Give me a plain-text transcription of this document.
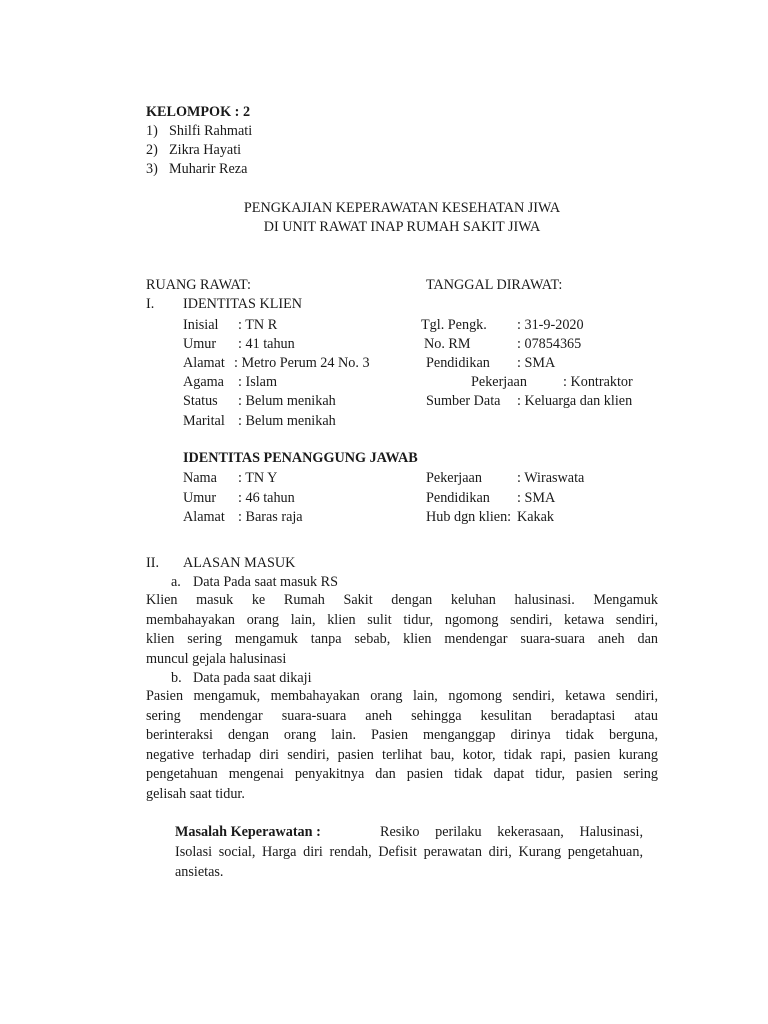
KELOMPOK : 2
1) Shilfi Rahmati
2) Zikra Hayati
3) Muharir Reza
PENGKAJIAN KEPERAWATAN KESEHATAN JIWA
DI UNIT RAWAT INAP RUMAH SAKIT JIWA
RUANG RAWAT:	TANGGAL DIRAWAT:
I. IDENTITAS KLIEN
Inisial : TN R	Tgl. Pengk. : 31-9-2020
Umur : 41 tahun	No. RM	: 07854365
Alamat : Metro Perum 24 No. 3	Pendidikan : SMA
Agama : Islam	Pekerjaan	: Kontraktor
Status : Belum menikah	Sumber Data : Keluarga dan klien
Marital : Belum menikah
IDENTITAS PENANGGUNG JAWAB
Nama : TN Y	Pekerjaan : Wiraswata
Umur : 46 tahun	Pendidikan : SMA
Alamat : Baras raja	Hub dgn klien: Kakak
II. ALASAN MASUK
a. Data Pada saat masuk RS
Klien masuk ke Rumah Sakit dengan keluhan halusinasi. Mengamuk
membahayakan orang lain, klien sulit tidur, ngomong sendiri, ketawa sendiri,
klien sering mengamuk tanpa sebab, klien mendengar suara-suara aneh dan
muncul gejala halusinasi
b. Data pada saat dikaji
Pasien mengamuk, membahayakan orang lain, ngomong sendiri, ketawa sendiri,
sering mendengar suara-suara aneh sehingga kesulitan beradaptasi atau
berinteraksi dengan orang lain. Pasien menganggap dirinya tidak berguna,
negative terhadap diri sendiri, pasien terlihat bau, kotor, tidak rapi, pasien kurang
pengetahuan mengenai penyakitnya dan pasien tidak dapat tidur, pasien sering
gelisah saat tidur.
Masalah Keperawatan :	Resiko perilaku kekerasaan, Halusinasi,
Isolasi social, Harga diri rendah, Defisit perawatan diri, Kurang pengetahuan,
ansietas.
